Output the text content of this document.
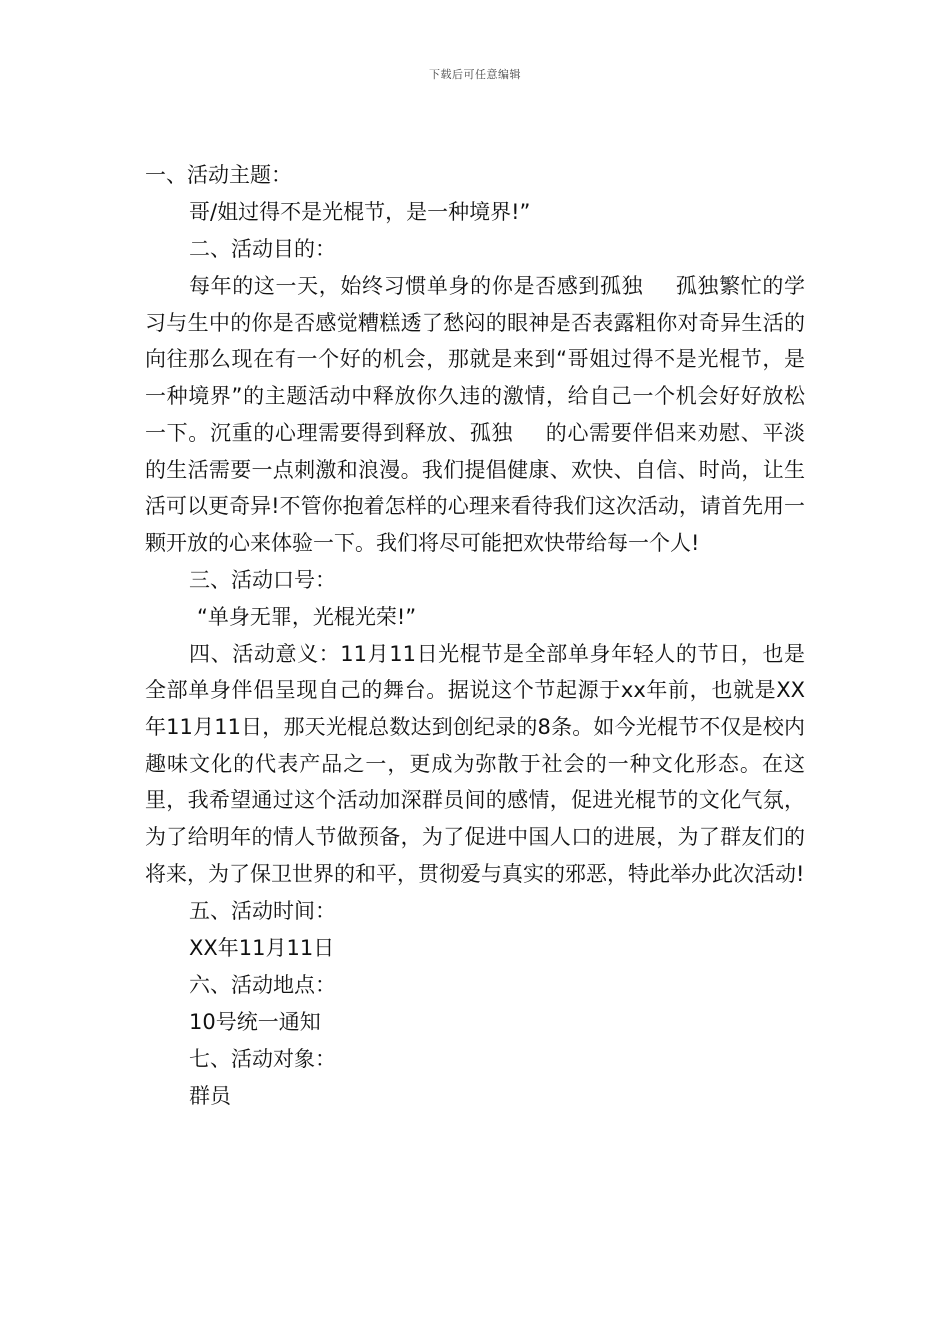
下载后可任意编辑
一、活动主题：
哥/姐过得不是光棍节，是一种境界!”
二、活动目的：

每年的这一天，始终习惯单身的你是否感到孤独 孤独繁忙的学习与生中的你是否感觉糟糕透了愁闷的眼神是否表露粗你对奇异生活的向往那么现在有一个好的机会，那就是来到“哥姐过得不是光棍节，是一种境界”的主题活动中释放你久违的激情，给自己一个机会好好放松一下。沉重的心理需要得到释放、孤独 的心需要伴侣来劝慰、平淡的生活需要一点刺激和浪漫。我们提倡健康、欢快、自信、时尚，让生活可以更奇异!不管你抱着怎样的心理来看待我们这次活动，请首先用一颗开放的心来体验一下。我们将尽可能把欢快带给每一个人!

三、活动口号：
“单身无罪，光棍光荣!”

四、活动意义：11月11日光棍节是全部单身年轻人的节日，也是全部单身伴侣呈现自己的舞台。据说这个节起源于xx年前，也就是XX年11月11日，那天光棍总数达到创纪录的8条。如今光棍节不仅是校内趣味文化的代表产品之一，更成为弥散于社会的一种文化形态。在这里，我希望通过这个活动加深群员间的感情，促进光棍节的文化气氛，为了给明年的情人节做预备，为了促进中国人口的进展，为了群友们的将来，为了保卫世界的和平，贯彻爱与真实的邪恶，特此举办此次活动!

五、活动时间：
XX年11月11日
六、活动地点：
10号统一通知
七、活动对象：
群员
